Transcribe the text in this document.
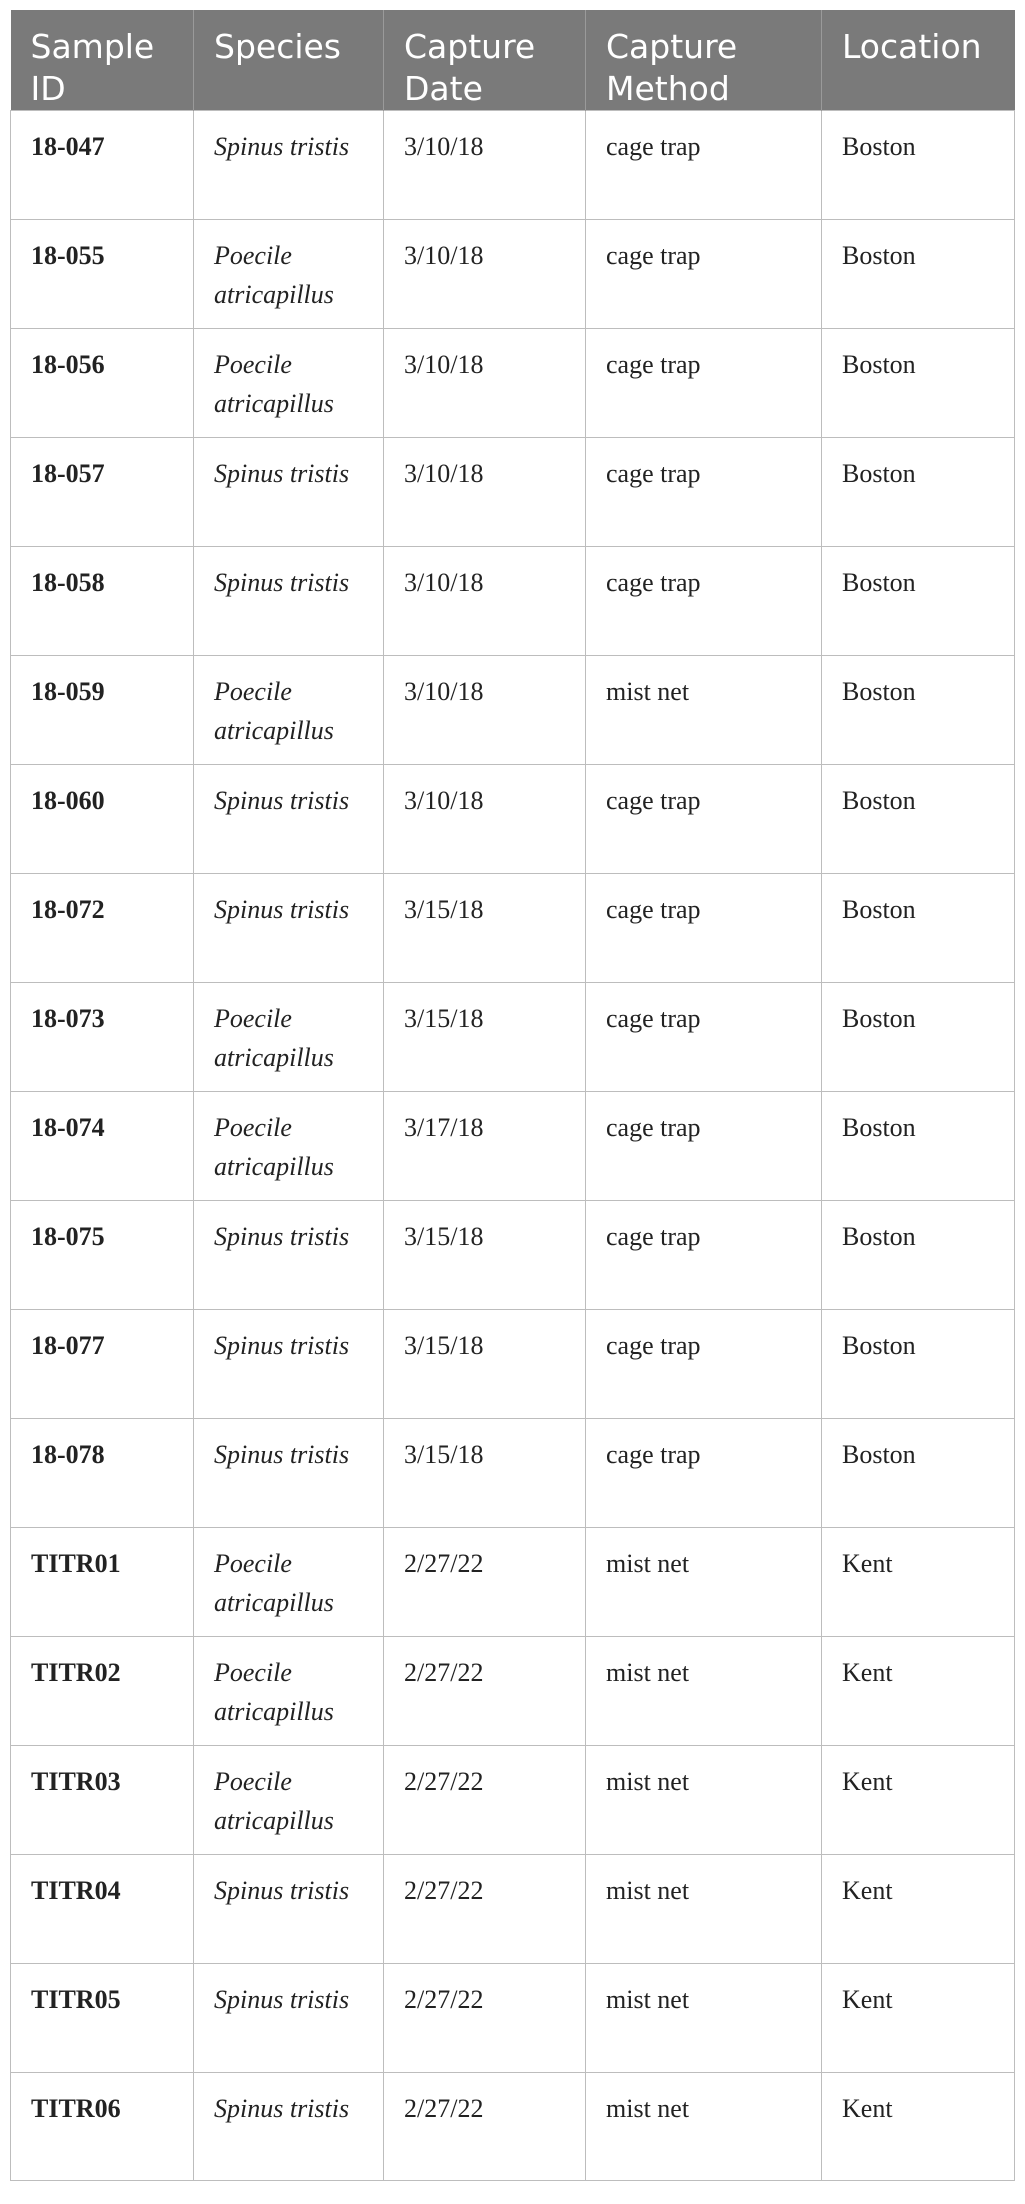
Sample ID	Species	Capture Date	Capture Method	Location
18-047	Spinus tristis	3/10/18	cage trap	Boston
18-055	Poecile atricapillus	3/10/18	cage trap	Boston
18-056	Poecile atricapillus	3/10/18	cage trap	Boston
18-057	Spinus tristis	3/10/18	cage trap	Boston
18-058	Spinus tristis	3/10/18	cage trap	Boston
18-059	Poecile atricapillus	3/10/18	mist net	Boston
18-060	Spinus tristis	3/10/18	cage trap	Boston
18-072	Spinus tristis	3/15/18	cage trap	Boston
18-073	Poecile atricapillus	3/15/18	cage trap	Boston
18-074	Poecile atricapillus	3/17/18	cage trap	Boston
18-075	Spinus tristis	3/15/18	cage trap	Boston
18-077	Spinus tristis	3/15/18	cage trap	Boston
18-078	Spinus tristis	3/15/18	cage trap	Boston
TITR01	Poecile atricapillus	2/27/22	mist net	Kent
TITR02	Poecile atricapillus	2/27/22	mist net	Kent
TITR03	Poecile atricapillus	2/27/22	mist net	Kent
TITR04	Spinus tristis	2/27/22	mist net	Kent
TITR05	Spinus tristis	2/27/22	mist net	Kent
TITR06	Spinus tristis	2/27/22	mist net	Kent
